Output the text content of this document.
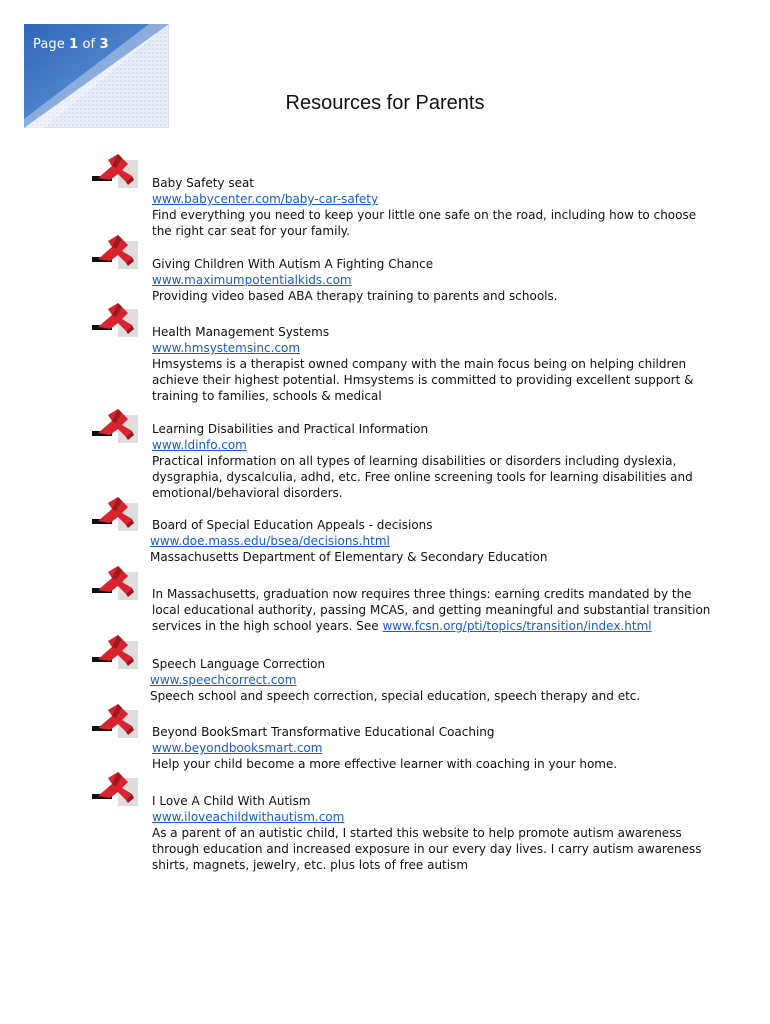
Page 1 of 3
Resources for Parents
Baby Safety seat
www.babycenter.com/baby-car-safety
Find everything you need to keep your little one safe on the road, including how to choose
the right car seat for your family.
Giving Children With Autism A Fighting Chance
www.maximumpotentialkids.com
Providing video based ABA therapy training to parents and schools.
Health Management Systems
www.hmsystemsinc.com
Hmsystems is a therapist owned company with the main focus being on helping children
achieve their highest potential. Hmsystems is committed to providing excellent support &
training to families, schools & medical
Learning Disabilities and Practical Information
www.ldinfo.com
Practical information on all types of learning disabilities or disorders including dyslexia,
dysgraphia, dyscalculia, adhd, etc. Free online screening tools for learning disabilities and
emotional/behavioral disorders.
Board of Special Education Appeals - decisions
www.doe.mass.edu/bsea/decisions.html
Massachusetts Department of Elementary & Secondary Education
In Massachusetts, graduation now requires three things: earning credits mandated by the
local educational authority, passing MCAS, and getting meaningful and substantial transition
services in the high school years. See www.fcsn.org/pti/topics/transition/index.html
Speech Language Correction
www.speechcorrect.com
Speech school and speech correction, special education, speech therapy and etc.
Beyond BookSmart Transformative Educational Coaching
www.beyondbooksmart.com
Help your child become a more effective learner with coaching in your home.
I Love A Child With Autism
www.iloveachildwithautism.com
As a parent of an autistic child, I started this website to help promote autism awareness
through education and increased exposure in our every day lives. I carry autism awareness
shirts, magnets, jewelry, etc. plus lots of free autism
